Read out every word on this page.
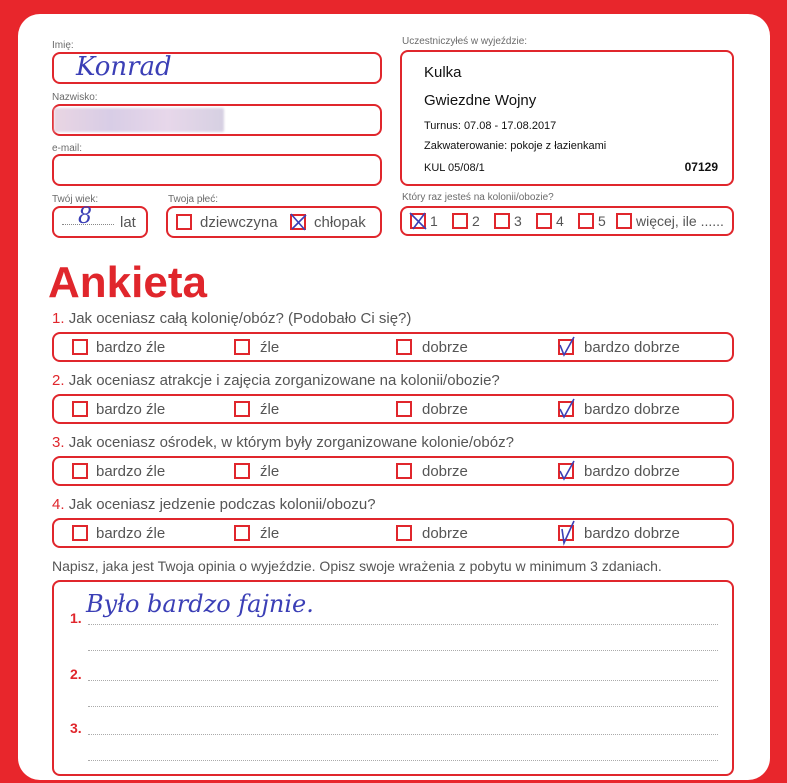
Imię:
Konrad
Nazwisko:
e-mail:
Twój wiek:
8 lat
Twoja płeć:
dziewczyna chłopak
Uczestniczyłeś w wyjeździe:
Kulka
Gwiezdne Wojny
Turnus: 07.08 - 17.08.2017
Zakwaterowanie: pokoje z łazienkami
KUL 05/08/1	07129
Który raz jesteś na kolonii/obozie?
1 2 3 4 5 więcej, ile ......
Ankieta
1. Jak oceniasz całą kolonię/obóz? (Podobało Ci się?)
bardzo źle	źle	dobrze	bardzo dobrze
2. Jak oceniasz atrakcje i zajęcia zorganizowane na kolonii/obozie?
bardzo źle	źle	dobrze	bardzo dobrze
3. Jak oceniasz ośrodek, w którym były zorganizowane kolonie/obóz?
bardzo źle	źle	dobrze	bardzo dobrze
4. Jak oceniasz jedzenie podczas kolonii/obozu?
bardzo źle	źle	dobrze	bardzo dobrze
Napisz, jaka jest Twoja opinia o wyjeździe. Opisz swoje wrażenia z pobytu w minimum 3 zdaniach.
1. Było bardzo fajnie.
2.
3.
